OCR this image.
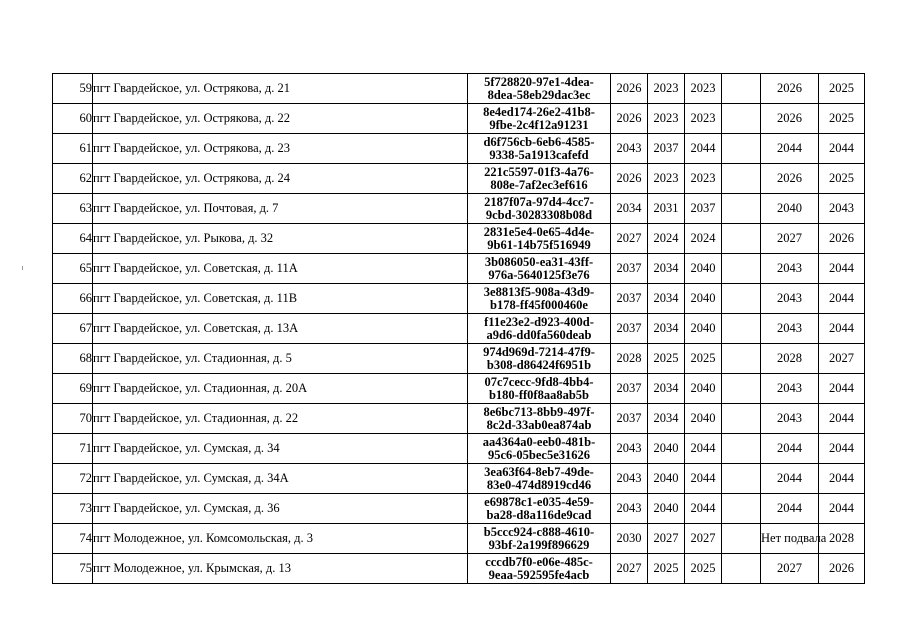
59	пгт Гвардейское, ул. Острякова, д. 21	5f728820-97e1-4dea-
8dea-58eb29dac3ec	2026	2023	2023		2026	2025
60	пгт Гвардейское, ул. Острякова, д. 22	8e4ed174-26e2-41b8-
9fbe-2c4f12a91231	2026	2023	2023		2026	2025
61	пгт Гвардейское, ул. Острякова, д. 23	d6f756cb-6eb6-4585-
9338-5a1913cafefd	2043	2037	2044		2044	2044
62	пгт Гвардейское, ул. Острякова, д. 24	221c5597-01f3-4a76-
808e-7af2ec3ef616	2026	2023	2023		2026	2025
63	пгт Гвардейское, ул. Почтовая, д. 7	2187f07a-97d4-4cc7-
9cbd-30283308b08d	2034	2031	2037		2040	2043
64	пгт Гвардейское, ул. Рыкова, д. 32	2831e5e4-0e65-4d4e-
9b61-14b75f516949	2027	2024	2024		2027	2026
65	пгт Гвардейское, ул. Советская, д. 11А	3b086050-ea31-43ff-
976a-5640125f3e76	2037	2034	2040		2043	2044
66	пгт Гвардейское, ул. Советская, д. 11В	3e8813f5-908a-43d9-
b178-ff45f000460e	2037	2034	2040		2043	2044
67	пгт Гвардейское, ул. Советская, д. 13А	f11e23e2-d923-400d-
a9d6-dd0fa560deab	2037	2034	2040		2043	2044
68	пгт Гвардейское, ул. Стадионная, д. 5	974d969d-7214-47f9-
b308-d86424f6951b	2028	2025	2025		2028	2027
69	пгт Гвардейское, ул. Стадионная, д. 20А	07c7cecc-9fd8-4bb4-
b180-ff0f8aa8ab5b	2037	2034	2040		2043	2044
70	пгт Гвардейское, ул. Стадионная, д. 22	8e6bc713-8bb9-497f-
8c2d-33ab0ea874ab	2037	2034	2040		2043	2044
71	пгт Гвардейское, ул. Сумская, д. 34	aa4364a0-eeb0-481b-
95c6-05bec5e31626	2043	2040	2044		2044	2044
72	пгт Гвардейское, ул. Сумская, д. 34А	3ea63f64-8eb7-49de-
83e0-474d8919cd46	2043	2040	2044		2044	2044
73	пгт Гвардейское, ул. Сумская, д. 36	e69878c1-e035-4e59-
ba28-d8a116de9cad	2043	2040	2044		2044	2044
74	пгт Молодежное, ул. Комсомольская, д. 3	b5ccc924-c888-4610-
93bf-2a199f896629	2030	2027	2027		Нет подвала	2028
75	пгт Молодежное, ул. Крымская, д. 13	cccdb7f0-e06e-485c-
9eaa-592595fe4acb	2027	2025	2025		2027	2026
